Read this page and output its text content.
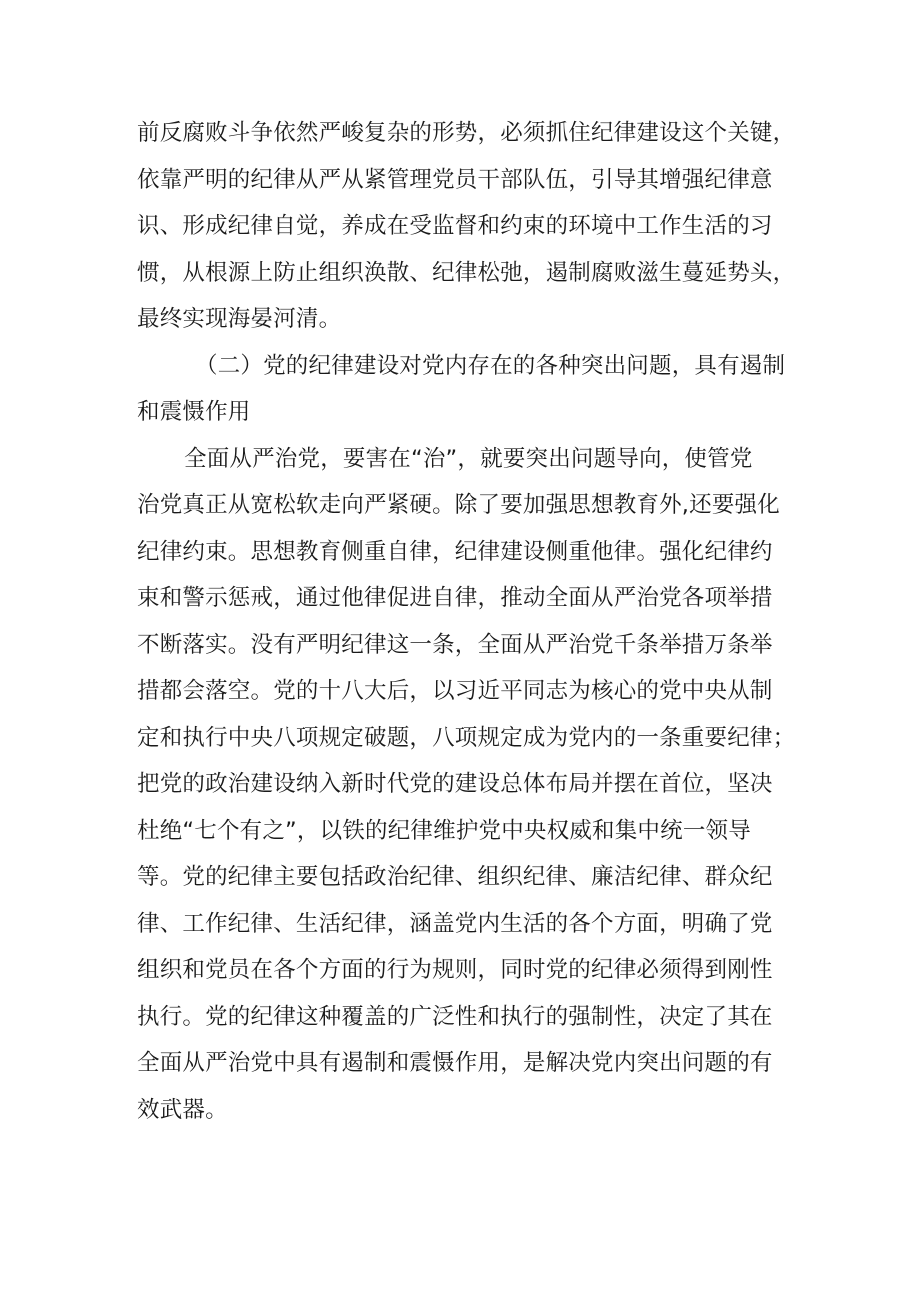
前反腐败斗争依然严峻复杂的形势，必须抓住纪律建设这个关键，
依靠严明的纪律从严从紧管理党员干部队伍，引导其增强纪律意
识、形成纪律自觉，养成在受监督和约束的环境中工作生活的习
惯，从根源上防止组织涣散、纪律松弛，遏制腐败滋生蔓延势头，
最终实现海晏河清。
（二）党的纪律建设对党内存在的各种突出问题，具有遏制
和震慑作用
全面从严治党，要害在“治”，就要突出问题导向，使管党
治党真正从宽松软走向严紧硬。除了要加强思想教育外,还要强化
纪律约束。思想教育侧重自律，纪律建设侧重他律。强化纪律约
束和警示惩戒，通过他律促进自律，推动全面从严治党各项举措
不断落实。没有严明纪律这一条，全面从严治党千条举措万条举
措都会落空。党的十八大后，以习近平同志为核心的党中央从制
定和执行中央八项规定破题，八项规定成为党内的一条重要纪律；
把党的政治建设纳入新时代党的建设总体布局并摆在首位，坚决
杜绝“七个有之”，以铁的纪律维护党中央权威和集中统一领导
等。党的纪律主要包括政治纪律、组织纪律、廉洁纪律、群众纪
律、工作纪律、生活纪律，涵盖党内生活的各个方面，明确了党
组织和党员在各个方面的行为规则，同时党的纪律必须得到刚性
执行。党的纪律这种覆盖的广泛性和执行的强制性，决定了其在
全面从严治党中具有遏制和震慑作用，是解决党内突出问题的有
效武器。
